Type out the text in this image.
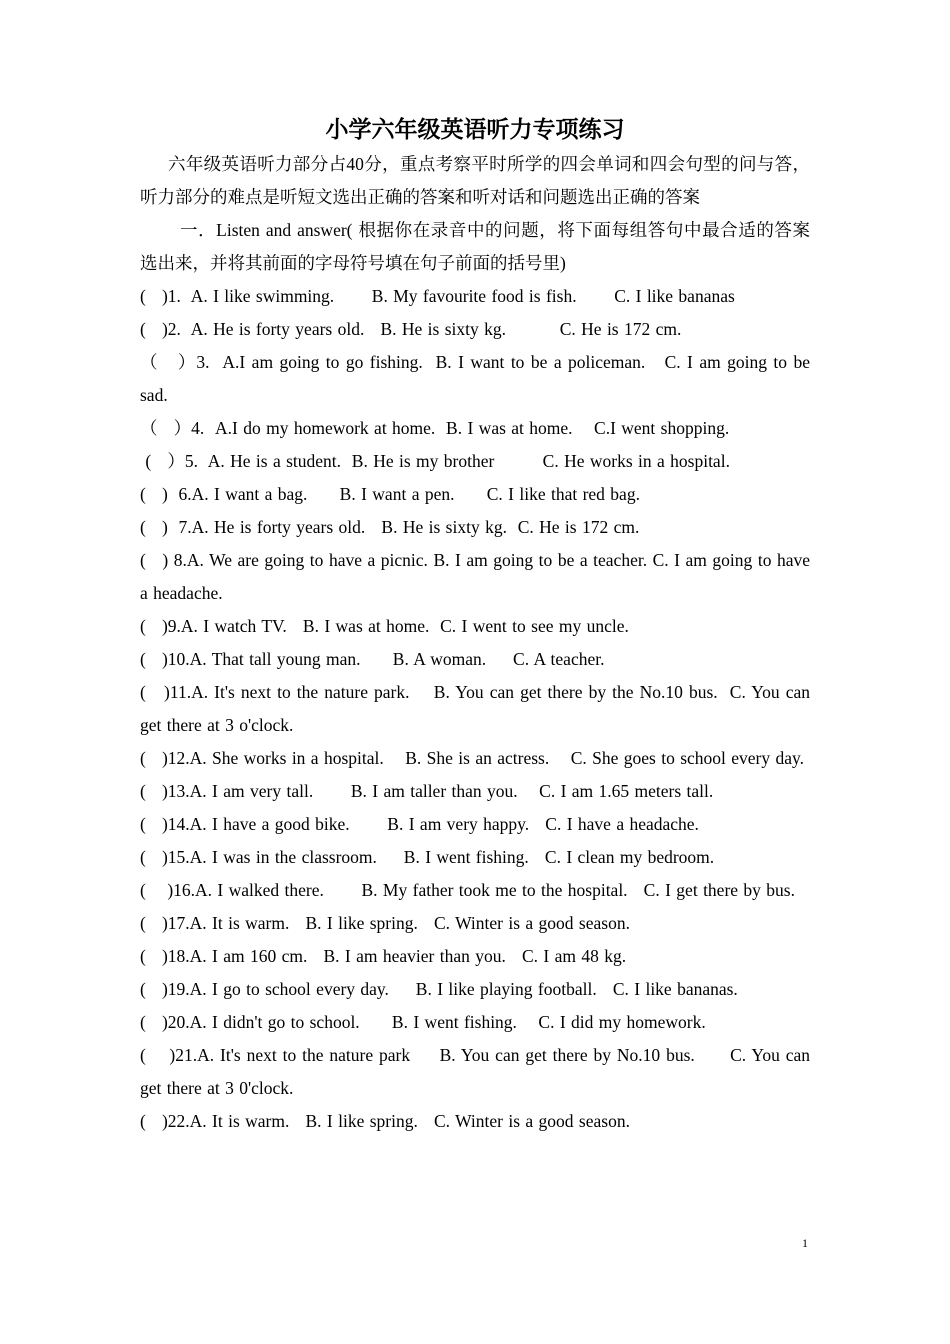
小学六年级英语听力专项练习

六年级英语听力部分占40分，重点考察平时所学的四会单词和四会句型的问与答，听力部分的难点是听短文选出正确的答案和听对话和问题选出正确的答案

一．Listen and answer( 根据你在录音中的问题，将下面每组答句中最合适的答案选出来，并将其前面的字母符号填在句子前面的括号里)

(   )1.  A. I like swimming.       B. My favourite food is fish.       C. I like bananas

(   )2.  A. He is forty years old.   B. He is sixty kg.          C. He is 172 cm.

（   ）3.  A.I am going to go fishing.  B. I want to be a policeman.   C. I am going to be sad.

（   ）4.  A.I do my homework at home.  B. I was at home.    C.I went shopping.

(   ）5.  A. He is a student.  B. He is my brother         C. He works in a hospital.

(   )  6.A. I want a bag.      B. I want a pen.      C. I like that red bag.

(   )  7.A. He is forty years old.   B. He is sixty kg.  C. He is 172 cm.

(   ) 8.A. We are going to have a picnic. B. I am going to be a teacher. C. I am going to have a headache.

(   )9.A. I watch TV.   B. I was at home.  C. I went to see my uncle.

(   )10.A. That tall young man.      B. A woman.     C. A teacher.

(   )11.A. It's next to the nature park.    B. You can get there by the No.10 bus.  C. You can get there at 3 o'clock.

(   )12.A. She works in a hospital.    B. She is an actress.    C. She goes to school every day.

(   )13.A. I am very tall.       B. I am taller than you.    C. I am 1.65 meters tall.

(   )14.A. I have a good bike.       B. I am very happy.   C. I have a headache.

(   )15.A. I was in the classroom.     B. I went fishing.   C. I clean my bedroom.

(    )16.A. I walked there.       B. My father took me to the hospital.   C. I get there by bus.

(   )17.A. It is warm.   B. I like spring.   C. Winter is a good season.

(   )18.A. I am 160 cm.   B. I am heavier than you.   C. I am 48 kg.

(   )19.A. I go to school every day.     B. I like playing football.   C. I like bananas.

(   )20.A. I didn't go to school.      B. I went fishing.    C. I did my homework.

(    )21.A. It's next to the nature park     B. You can get there by No.10 bus.      C. You can get there at 3 0'clock.

(   )22.A. It is warm.   B. I like spring.   C. Winter is a good season.

1
